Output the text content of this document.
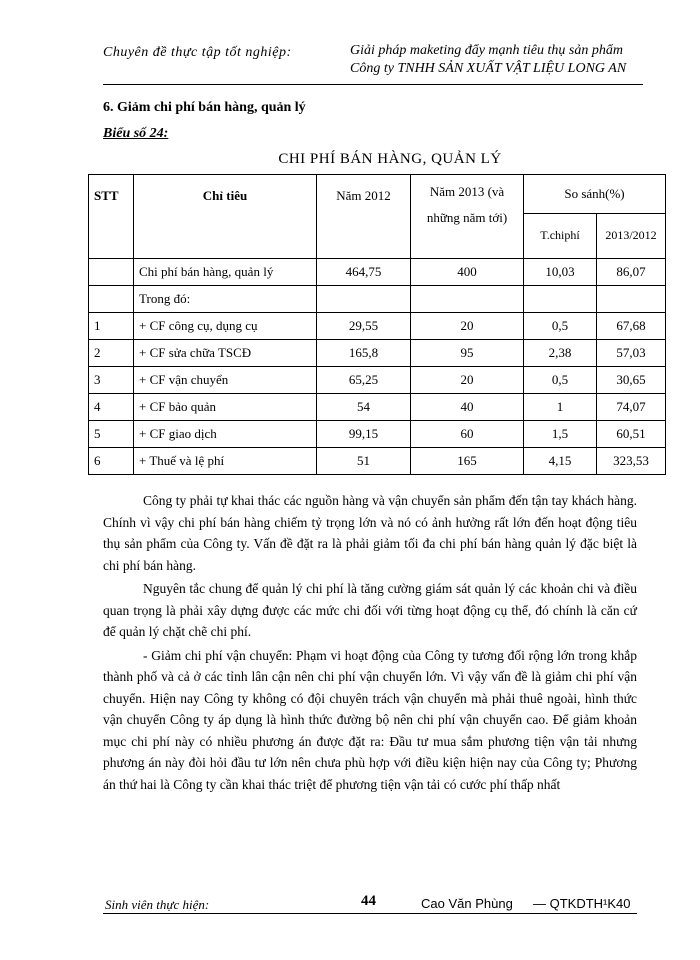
Chuyên đề thực tập tốt nghiệp:	Giải pháp maketing đẩy mạnh tiêu thụ sản phẩm
Công ty TNHH SẢN XUẤT VẬT LIỆU LONG AN
6. Giảm chi phí bán hàng, quản lý
Biểu số 24:
CHI PHÍ BÁN HÀNG, QUẢN LÝ
STT	Chỉ tiêu	Năm 2012	Năm 2013 (và những năm tới)	So sánh(%)	
				T.chiphí	2013/2012
	Chi phí bán hàng, quản lý	464,75	400	10,03	86,07
	Trong đó:				
1	+ CF công cụ, dụng cụ	29,55	20	0,5	67,68
2	+ CF sửa chữa TSCĐ	165,8	95	2,38	57,03
3	+ CF vận chuyển	65,25	20	0,5	30,65
4	+ CF bảo quản	54	40	1	74,07
5	+ CF giao dịch	99,15	60	1,5	60,51
6	+ Thuế và lệ phí	51	165	4,15	323,53

Công ty phải tự khai thác các nguồn hàng và vận chuyển sản phẩm đến tận tay khách hàng. Chính vì vậy chi phí bán hàng chiếm tỷ trọng lớn và nó có ảnh hưởng rất lớn đến hoạt động tiêu thụ sản phẩm của Công ty. Vấn đề đặt ra là phải giảm tối đa chi phí bán hàng quản lý đặc biệt là chi phí bán hàng.

Nguyên tắc chung để quản lý chi phí là tăng cường giám sát quản lý các khoản chi và điều quan trọng là phải xây dựng được các mức chi đối với từng hoạt động cụ thể, đó chính là căn cứ để quản lý chặt chẽ chi phí.

- Giảm chi phí vận chuyển: Phạm vi hoạt động của Công ty tương đối rộng lớn trong khắp thành phố và cả ở các tỉnh lân cận nên chi phí vận chuyển lớn. Vì vậy vấn đề là giảm chi phí vận chuyển. Hiện nay Công ty không có đội chuyên trách vận chuyển mà phải thuê ngoài, hình thức vận chuyển Công ty áp dụng là hình thức đường bộ nên chi phí vận chuyển cao. Để giảm khoản mục chi phí này có nhiều phương án được đặt ra: Đầu tư mua sắm phương tiện vận tải nhưng phương án này đòi hỏi đầu tư lớn nên chưa phù hợp với điều kiện hiện nay của Công ty; Phương án thứ hai là Công ty cần khai thác triệt để phương tiện vận tải có cước phí thấp nhất

Sinh viên thực hiện:	44	Cao Văn Phùng — QTKDTH¹K40
